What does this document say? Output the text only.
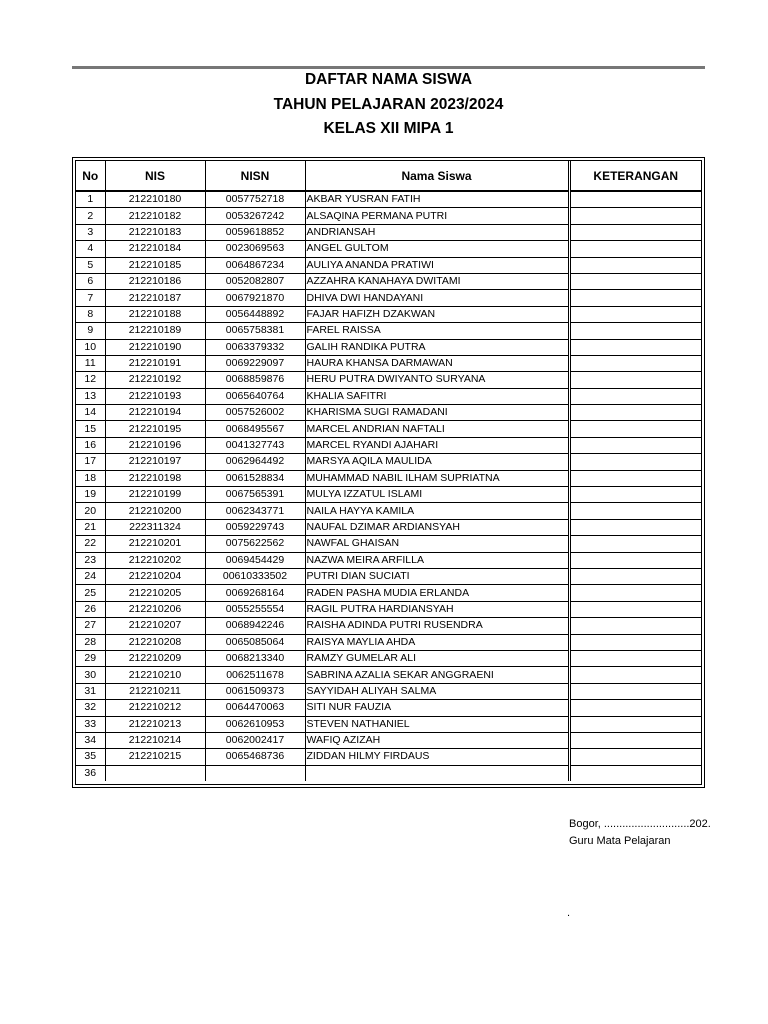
DAFTAR NAMA SISWA
TAHUN PELAJARAN 2023/2024
KELAS XII MIPA 1
No	NIS	NISN	Nama Siswa	KETERANGAN
1	212210180	0057752718	AKBAR YUSRAN FATIH	
2	212210182	0053267242	ALSAQINA PERMANA PUTRI	
3	212210183	0059618852	ANDRIANSAH	
4	212210184	0023069563	ANGEL GULTOM	
5	212210185	0064867234	AULIYA ANANDA PRATIWI	
6	212210186	0052082807	AZZAHRA KANAHAYA DWITAMI	
7	212210187	0067921870	DHIVA DWI HANDAYANI	
8	212210188	0056448892	FAJAR HAFIZH DZAKWAN	
9	212210189	0065758381	FAREL RAISSA	
10	212210190	0063379332	GALIH RANDIKA PUTRA	
11	212210191	0069229097	HAURA KHANSA DARMAWAN	
12	212210192	0068859876	HERU PUTRA DWIYANTO SURYANA	
13	212210193	0065640764	KHALIA SAFITRI	
14	212210194	0057526002	KHARISMA SUGI RAMADANI	
15	212210195	0068495567	MARCEL ANDRIAN NAFTALI	
16	212210196	0041327743	MARCEL RYANDI AJAHARI	
17	212210197	0062964492	MARSYA AQILA MAULIDA	
18	212210198	0061528834	MUHAMMAD NABIL ILHAM SUPRIATNA	
19	212210199	0067565391	MULYA IZZATUL ISLAMI	
20	212210200	0062343771	NAILA HAYYA KAMILA	
21	222311324	0059229743	NAUFAL DZIMAR ARDIANSYAH	
22	212210201	0075622562	NAWFAL GHAISAN	
23	212210202	0069454429	NAZWA MEIRA ARFILLA	
24	212210204	00610333502	PUTRI DIAN SUCIATI	
25	212210205	0069268164	RADEN PASHA MUDIA ERLANDA	
26	212210206	0055255554	RAGIL PUTRA HARDIANSYAH	
27	212210207	0068942246	RAISHA ADINDA PUTRI RUSENDRA	
28	212210208	0065085064	RAISYA MAYLIA AHDA	
29	212210209	0068213340	RAMZY GUMELAR ALI	
30	212210210	0062511678	SABRINA AZALIA SEKAR ANGGRAENI	
31	212210211	0061509373	SAYYIDAH ALIYAH SALMA	
32	212210212	0064470063	SITI NUR FAUZIA	
33	212210213	0062610953	STEVEN NATHANIEL	
34	212210214	0062002417	WAFIQ AZIZAH	
35	212210215	0065468736	ZIDDAN HILMY FIRDAUS	
36				
Bogor, ............................202.
Guru Mata Pelajaran
.
